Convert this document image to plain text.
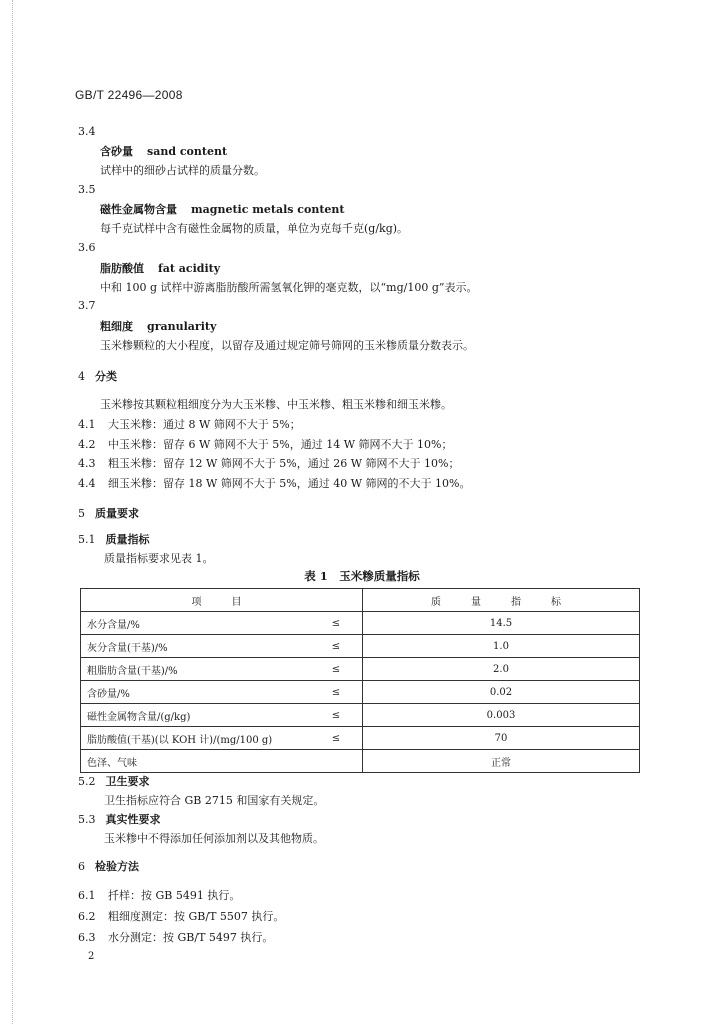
GB/T 22496—2008
3.4
含砂量 sand content
试样中的细砂占试样的质量分数。
3.5
磁性金属物含量 magnetic metals content
每千克试样中含有磁性金属物的质量，单位为克每千克(g/kg)。
3.6
脂肪酸值 fat acidity
中和 100 g 试样中游离脂肪酸所需氢氧化钾的毫克数，以“mg/100 g”表示。
3.7
粗细度 granularity
玉米糁颗粒的大小程度，以留存及通过规定筛号筛网的玉米糁质量分数表示。
4 分类
玉米糁按其颗粒粗细度分为大玉米糁、中玉米糁、粗玉米糁和细玉米糁。
4.1 大玉米糁：通过 8 W 筛网不大于 5%；
4.2 中玉米糁：留存 6 W 筛网不大于 5%，通过 14 W 筛网不大于 10%；
4.3 粗玉米糁：留存 12 W 筛网不大于 5%，通过 26 W 筛网不大于 10%；
4.4 细玉米糁：留存 18 W 筛网不大于 5%，通过 40 W 筛网的不大于 10%。
5 质量要求
5.1 质量指标
质量指标要求见表 1。
表 1　玉米糁质量指标
项　目		质　量　指　标
水分含量/%	≤	14.5
灰分含量(干基)/%	≤	1.0
粗脂肪含量(干基)/%	≤	2.0
含砂量/%	≤	0.02
磁性金属物含量/(g/kg)	≤	0.003
脂肪酸值(干基)(以 KOH 计)/(mg/100 g)	≤	70
色泽、气味		正常
5.2 卫生要求
卫生指标应符合 GB 2715 和国家有关规定。
5.3 真实性要求
玉米糁中不得添加任何添加剂以及其他物质。
6 检验方法
6.1 扦样：按 GB 5491 执行。
6.2 粗细度测定：按 GB/T 5507 执行。
6.3 水分测定：按 GB/T 5497 执行。
2
